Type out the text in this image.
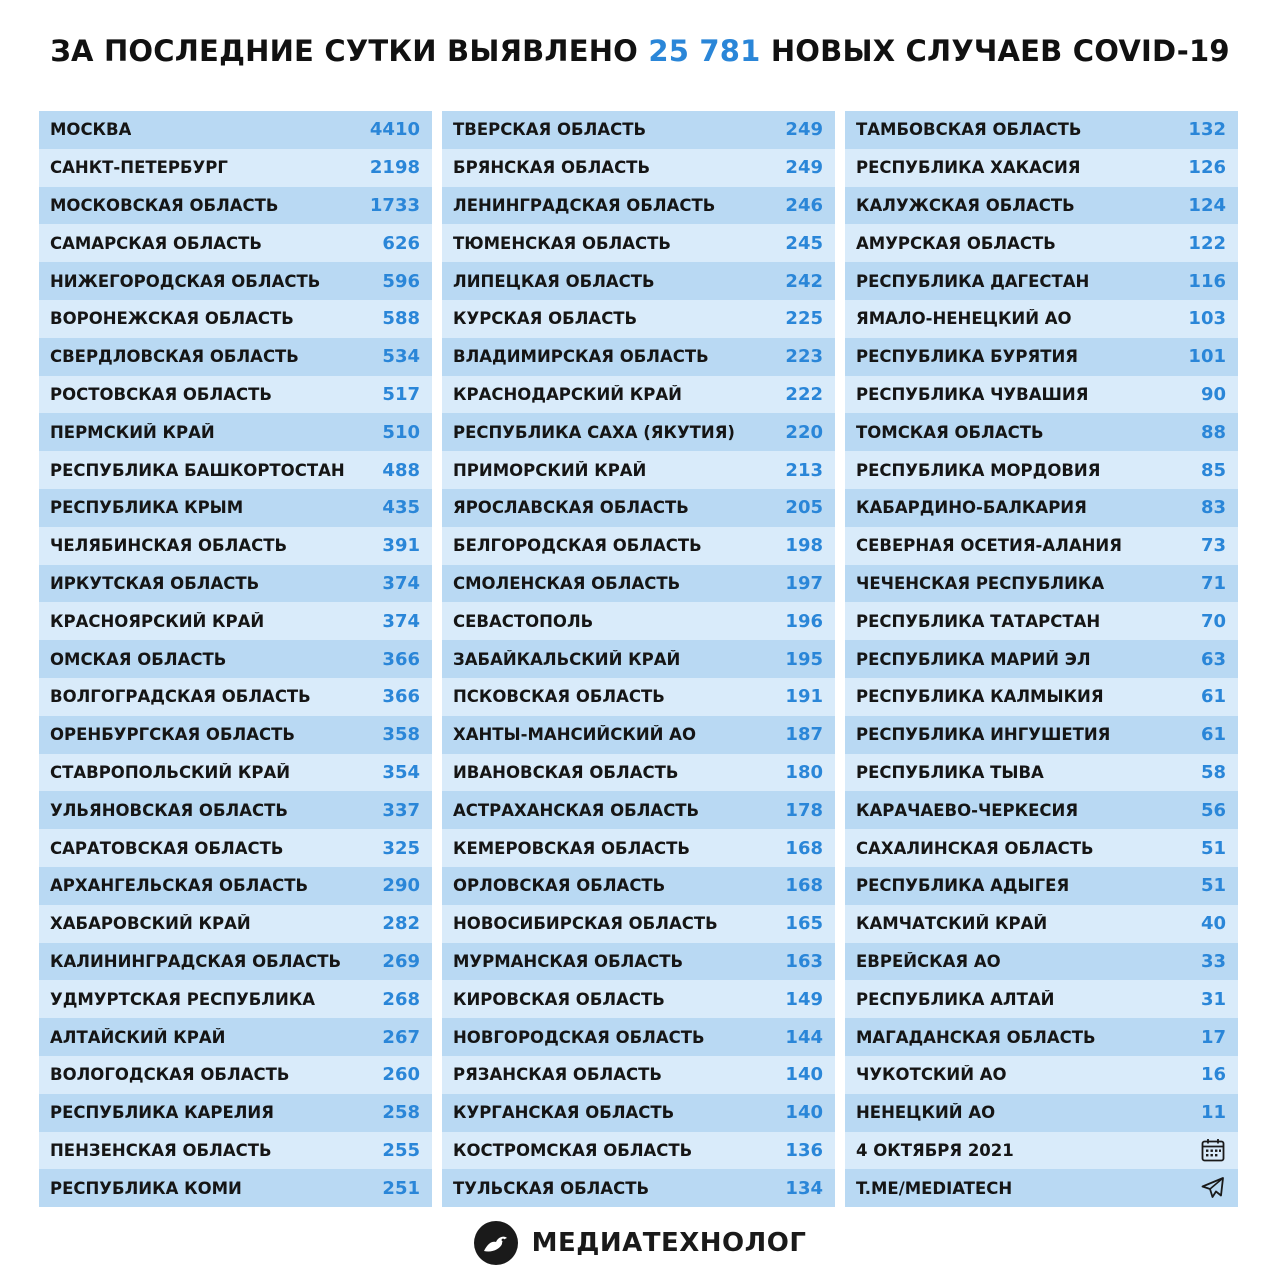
ЗА ПОСЛЕДНИЕ СУТКИ ВЫЯВЛЕНО 25 781 НОВЫХ СЛУЧАЕВ COVID-19
МОСКВА	4410
САНКТ-ПЕТЕРБУРГ	2198
МОСКОВСКАЯ ОБЛАСТЬ	1733
САМАРСКАЯ ОБЛАСТЬ	626
НИЖЕГОРОДСКАЯ ОБЛАСТЬ	596
ВОРОНЕЖСКАЯ ОБЛАСТЬ	588
СВЕРДЛОВСКАЯ ОБЛАСТЬ	534
РОСТОВСКАЯ ОБЛАСТЬ	517
ПЕРМСКИЙ КРАЙ	510
РЕСПУБЛИКА БАШКОРТОСТАН 488
РЕСПУБЛИКА КРЫМ	435
ЧЕЛЯБИНСКАЯ ОБЛАСТЬ	391
ИРКУТСКАЯ ОБЛАСТЬ	374
КРАСНОЯРСКИЙ КРАЙ	374
ОМСКАЯ ОБЛАСТЬ	366
ВОЛГОГРАДСКАЯ ОБЛАСТЬ	366
ОРЕНБУРГСКАЯ ОБЛАСТЬ	358
СТАВРОПОЛЬСКИЙ КРАЙ	354
УЛЬЯНОВСКАЯ ОБЛАСТЬ	337
САРАТОВСКАЯ ОБЛАСТЬ	325
АРХАНГЕЛЬСКАЯ ОБЛАСТЬ	290
ХАБАРОВСКИЙ КРАЙ	282
КАЛИНИНГРАДСКАЯ ОБЛАСТЬ 269
УДМУРТСКАЯ РЕСПУБЛИКА	268
АЛТАЙСКИЙ КРАЙ	267
ВОЛОГОДСКАЯ ОБЛАСТЬ	260
РЕСПУБЛИКА КАРЕЛИЯ	258
ПЕНЗЕНСКАЯ ОБЛАСТЬ	255
РЕСПУБЛИКА КОМИ	251
ТВЕРСКАЯ ОБЛАСТЬ	249
БРЯНСКАЯ ОБЛАСТЬ	249
ЛЕНИНГРАДСКАЯ ОБЛАСТЬ	246
ТЮМЕНСКАЯ ОБЛАСТЬ	245
ЛИПЕЦКАЯ ОБЛАСТЬ	242
КУРСКАЯ ОБЛАСТЬ	225
ВЛАДИМИРСКАЯ ОБЛАСТЬ	223
КРАСНОДАРСКИЙ КРАЙ	222
РЕСПУБЛИКА САХА (ЯКУТИЯ)	220
ПРИМОРСКИЙ КРАЙ	213
ЯРОСЛАВСКАЯ ОБЛАСТЬ	205
БЕЛГОРОДСКАЯ ОБЛАСТЬ	198
СМОЛЕНСКАЯ ОБЛАСТЬ	197
СЕВАСТОПОЛЬ	196
ЗАБАЙКАЛЬСКИЙ КРАЙ	195
ПСКОВСКАЯ ОБЛАСТЬ	191
ХАНТЫ-МАНСИЙСКИЙ АО	187
ИВАНОВСКАЯ ОБЛАСТЬ	180
АСТРАХАНСКАЯ ОБЛАСТЬ	178
КЕМЕРОВСКАЯ ОБЛАСТЬ	168
ОРЛОВСКАЯ ОБЛАСТЬ	168
НОВОСИБИРСКАЯ ОБЛАСТЬ	165
МУРМАНСКАЯ ОБЛАСТЬ	163
КИРОВСКАЯ ОБЛАСТЬ	149
НОВГОРОДСКАЯ ОБЛАСТЬ	144
РЯЗАНСКАЯ ОБЛАСТЬ	140
КУРГАНСКАЯ ОБЛАСТЬ	140
КОСТРОМСКАЯ ОБЛАСТЬ	136
ТУЛЬСКАЯ ОБЛАСТЬ	134
ТАМБОВСКАЯ ОБЛАСТЬ	132
РЕСПУБЛИКА ХАКАСИЯ	126
КАЛУЖСКАЯ ОБЛАСТЬ	124
АМУРСКАЯ ОБЛАСТЬ	122
РЕСПУБЛИКА ДАГЕСТАН	116
ЯМАЛО-НЕНЕЦКИЙ АО	103
РЕСПУБЛИКА БУРЯТИЯ	101
РЕСПУБЛИКА ЧУВАШИЯ	90
ТОМСКАЯ ОБЛАСТЬ	88
РЕСПУБЛИКА МОРДОВИЯ	85
КАБАРДИНО-БАЛКАРИЯ	83
СЕВЕРНАЯ ОСЕТИЯ-АЛАНИЯ	73
ЧЕЧЕНСКАЯ РЕСПУБЛИКА	71
РЕСПУБЛИКА ТАТАРСТАН	70
РЕСПУБЛИКА МАРИЙ ЭЛ	63
РЕСПУБЛИКА КАЛМЫКИЯ	61
РЕСПУБЛИКА ИНГУШЕТИЯ	61
РЕСПУБЛИКА ТЫВА	58
КАРАЧАЕВО-ЧЕРКЕСИЯ	56
САХАЛИНСКАЯ ОБЛАСТЬ	51
РЕСПУБЛИКА АДЫГЕЯ	51
КАМЧАТСКИЙ КРАЙ	40
ЕВРЕЙСКАЯ АО	33
РЕСПУБЛИКА АЛТАЙ	31
МАГАДАНСКАЯ ОБЛАСТЬ	17
ЧУКОТСКИЙ АО	16
НЕНЕЦКИЙ АО	11
4 ОКТЯБРЯ 2021
T.ME/MEDIATECH
МЕДИАТЕХНОЛОГ
